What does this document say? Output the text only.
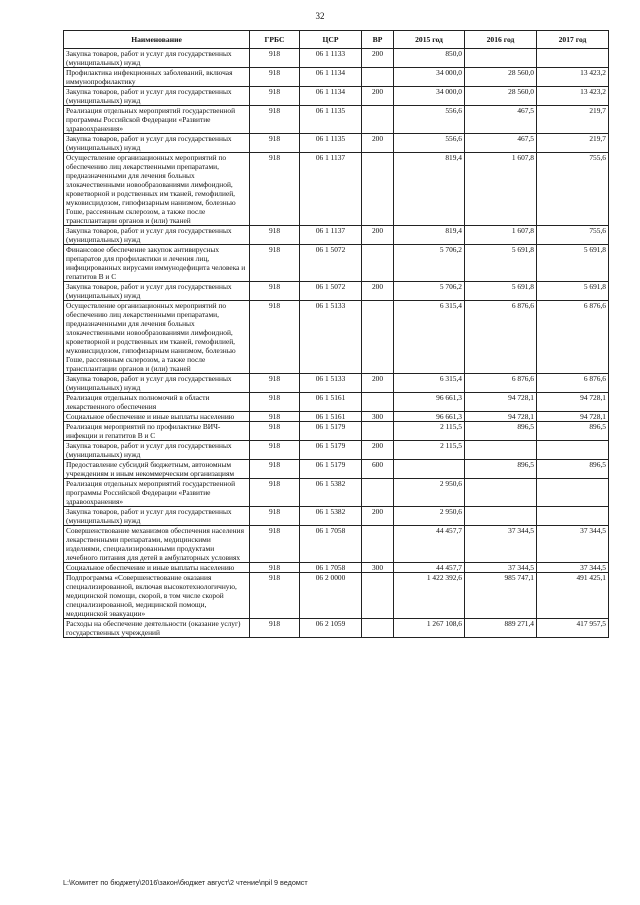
32
Наименование	ГРБС	ЦСР	ВР	2015 год	2016 год	2017 год
Закупка товаров, работ и услуг для государственных (муниципальных) нужд	918	06 1 1133	200	850,0		
Профилактика инфекционных заболеваний, включая иммунопрофилактику	918	06 1 1134		34 000,0	28 560,0	13 423,2
Закупка товаров, работ и услуг для государственных (муниципальных) нужд	918	06 1 1134	200	34 000,0	28 560,0	13 423,2
Реализация отдельных мероприятий государственной программы Российской Федерации «Развитие здравоохранения»	918	06 1 1135		556,6	467,5	219,7
Закупка товаров, работ и услуг для государственных (муниципальных) нужд	918	06 1 1135	200	556,6	467,5	219,7
Осуществление организационных мероприятий по обеспечению лиц лекарственными препаратами, предназначенными для лечения больных злокачественными новообразованиями лимфоидной, кроветворной и родственных им тканей, гемофилией, муковисцидозом, гипофизарным нанизмом, болезнью Гоше, рассеянным склерозом, а также после трансплантации органов и (или) тканей	918	06 1 1137		819,4	1 607,8	755,6
Закупка товаров, работ и услуг для государственных (муниципальных) нужд	918	06 1 1137	200	819,4	1 607,8	755,6
Финансовое обеспечение закупок антивирусных препаратов для профилактики и лечения лиц, инфицированных вирусами иммунодефицита человека и гепатитов В и С	918	06 1 5072		5 706,2	5 691,8	5 691,8
Закупка товаров, работ и услуг для государственных (муниципальных) нужд	918	06 1 5072	200	5 706,2	5 691,8	5 691,8
Осуществление организационных мероприятий по обеспечению лиц лекарственными препаратами, предназначенными для лечения больных злокачественными новообразованиями лимфоидной, кроветворной и родственных им тканей, гемофилией, муковисцидозом, гипофизарным нанизмом, болезнью Гоше, рассеянным склерозом, а также после трансплантации органов и (или) тканей	918	06 1 5133		6 315,4	6 876,6	6 876,6
Закупка товаров, работ и услуг для государственных (муниципальных) нужд	918	06 1 5133	200	6 315,4	6 876,6	6 876,6
Реализация отдельных полномочий в области лекарственного обеспечения	918	06 1 5161		96 661,3	94 728,1	94 728,1
Социальное обеспечение и иные выплаты населению	918	06 1 5161	300	96 661,3	94 728,1	94 728,1
Реализация мероприятий по профилактике ВИЧ-инфекции и гепатитов В и С	918	06 1 5179		2 115,5	896,5	896,5
Закупка товаров, работ и услуг для государственных (муниципальных) нужд	918	06 1 5179	200	2 115,5		
Предоставление субсидий бюджетным, автономным учреждениям и иным некоммерческим организациям	918	06 1 5179	600		896,5	896,5
Реализация отдельных мероприятий государственной программы Российской Федерации «Развитие здравоохранения»	918	06 1 5382		2 950,6		
Закупка товаров, работ и услуг для государственных (муниципальных) нужд	918	06 1 5382	200	2 950,6		
Совершенствование механизмов обеспечения населения лекарственными препаратами, медицинскими изделиями, специализированными продуктами лечебного питания для детей в амбулаторных условиях	918	06 1 7058		44 457,7	37 344,5	37 344,5
Социальное обеспечение и иные выплаты населению	918	06 1 7058	300	44 457,7	37 344,5	37 344,5
Подпрограмма «Совершенствование оказания специализированной, включая высокотехнологичную, медицинской помощи, скорой, в том числе скорой специализированной, медицинской помощи, медицинской эвакуации»	918	06 2 0000		1 422 392,6	985 747,1	491 425,1
Расходы на обеспечение деятельности (оказание услуг) государственных учреждений	918	06 2 1059		1 267 108,6	889 271,4	417 957,5
L:\Комитет по бюджету\2016\закон\бюджет август\2 чтение\прil 9 ведомст
